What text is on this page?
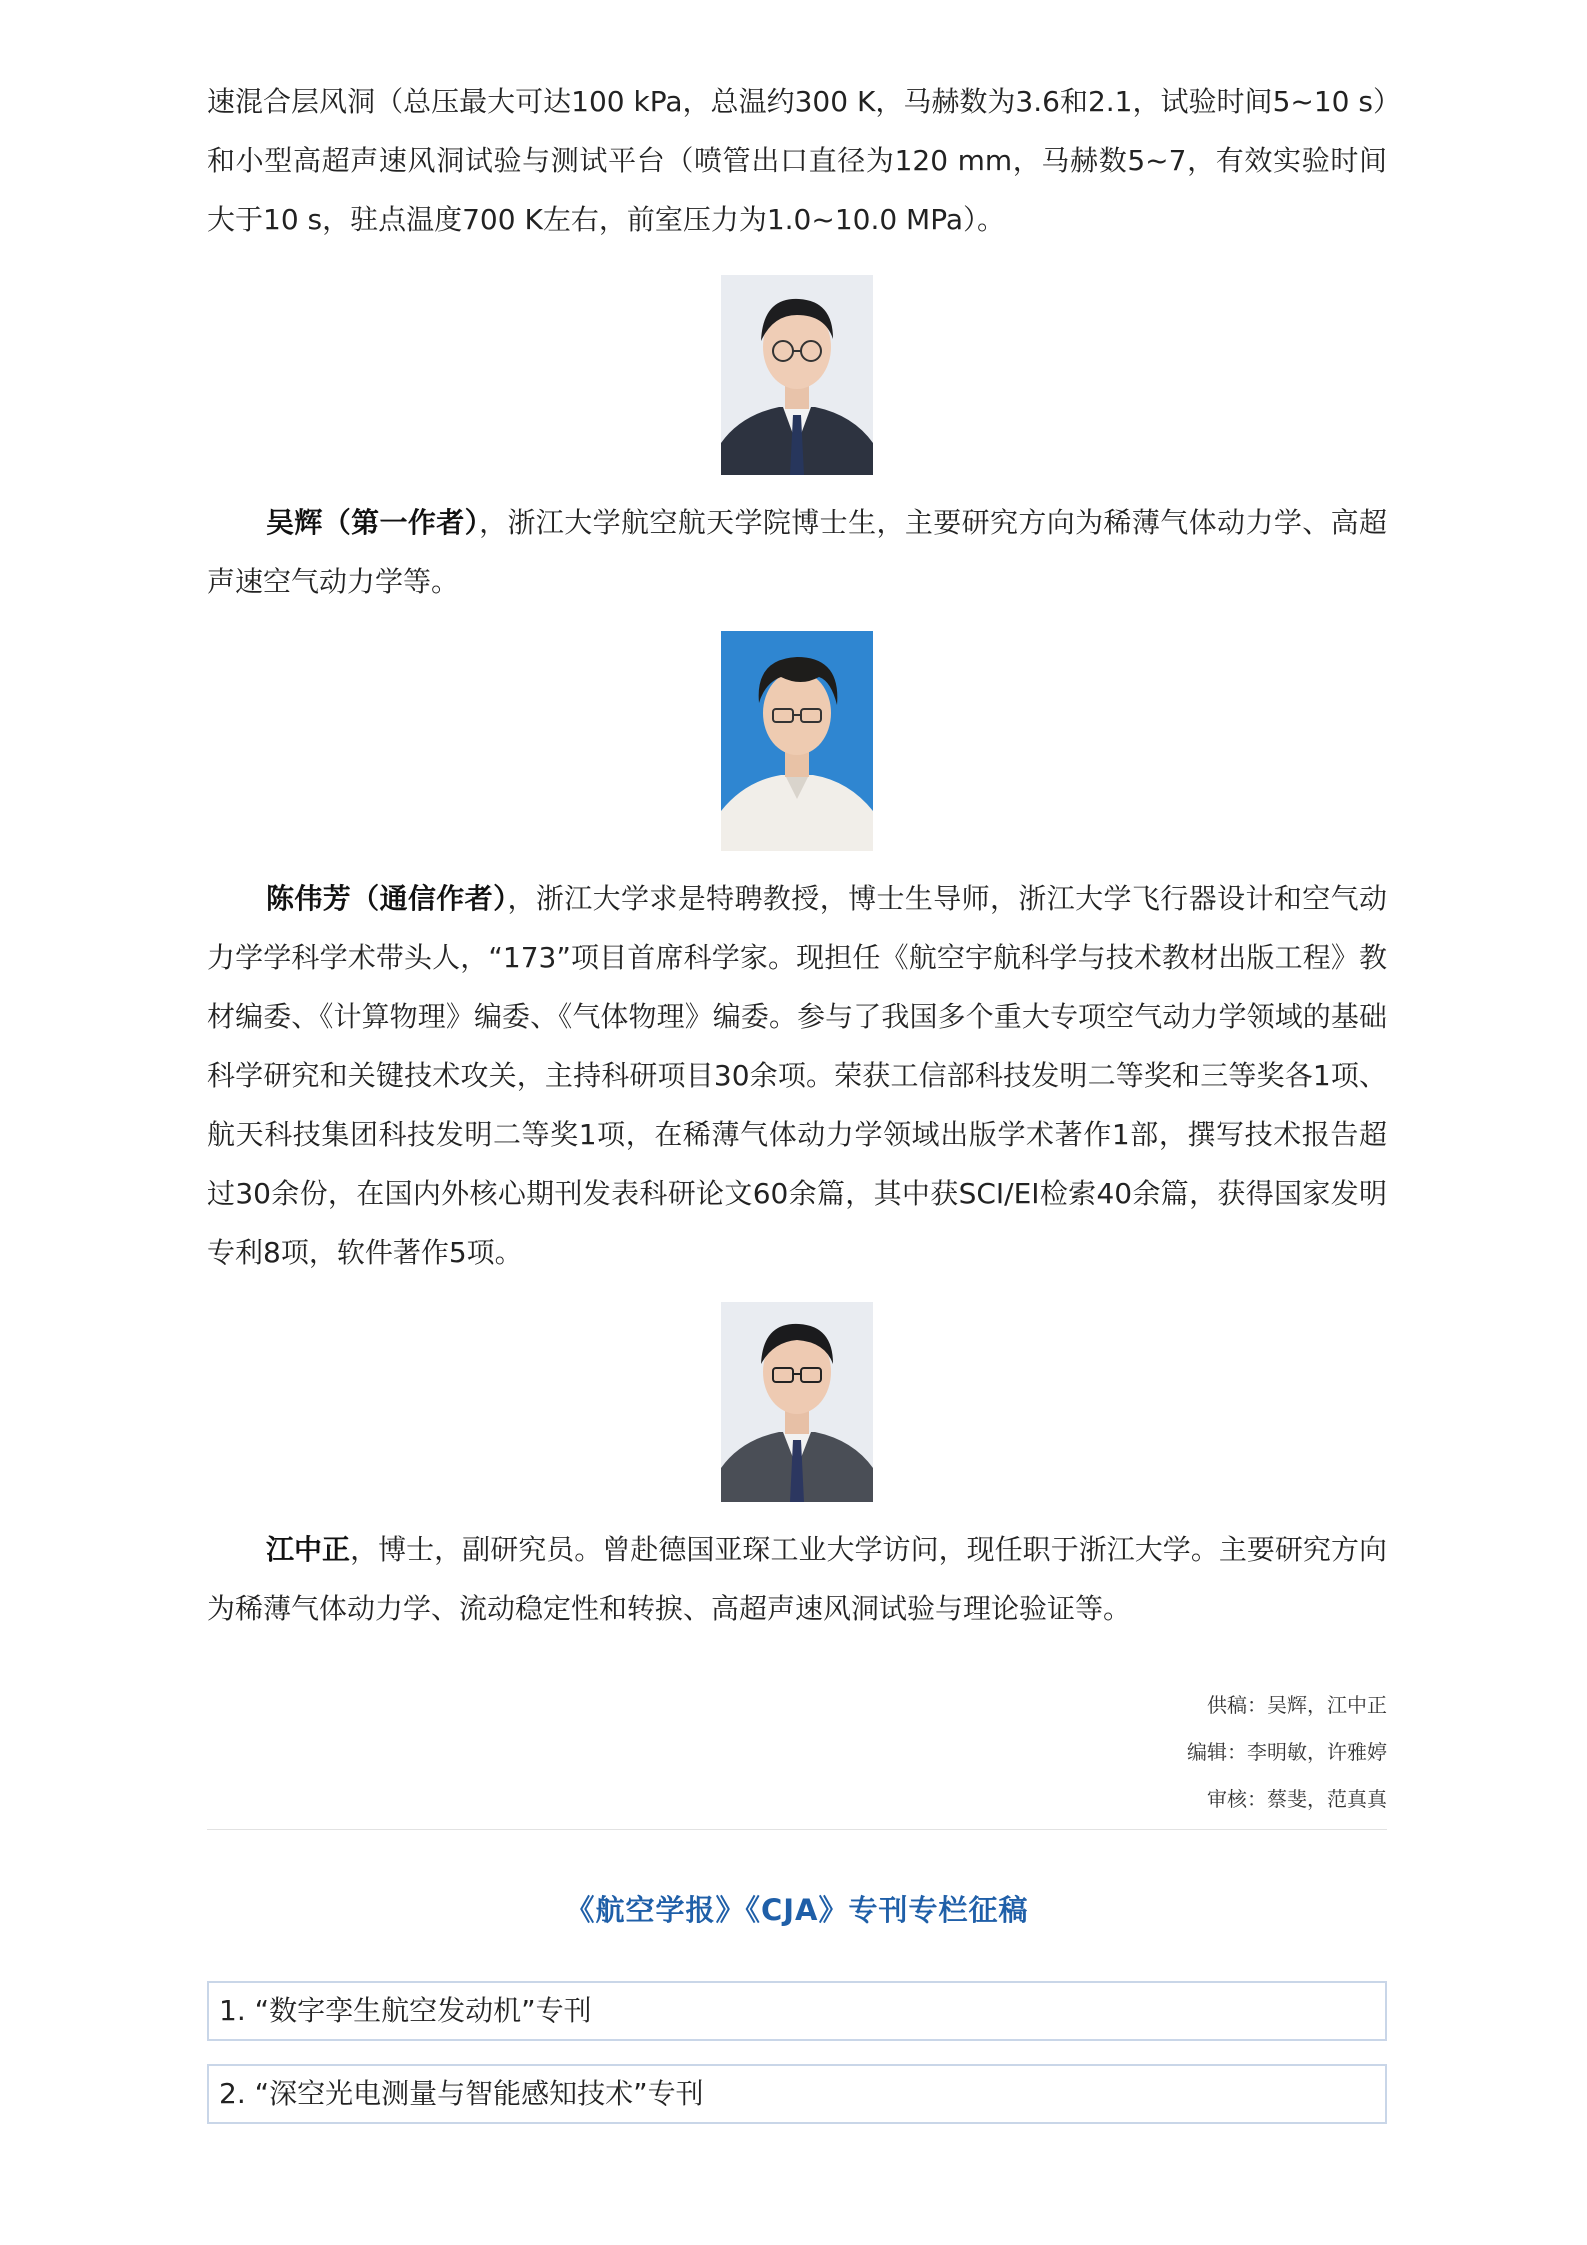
速混合层风洞（总压最大可达100 kPa，总温约300 K，马赫数为3.6和2.1，试验时间5~10 s）和小型高超声速风洞试验与测试平台（喷管出口直径为120 mm，马赫数5~7，有效实验时间大于10 s，驻点温度700 K左右，前室压力为1.0~10.0 MPa）。

吴辉（第一作者），浙江大学航空航天学院博士生，主要研究方向为稀薄气体动力学、高超声速空气动力学等。

陈伟芳（通信作者），浙江大学求是特聘教授，博士生导师，浙江大学飞行器设计和空气动力学学科学术带头人，“173”项目首席科学家。现担任《航空宇航科学与技术教材出版工程》教材编委、《计算物理》编委、《气体物理》编委。参与了我国多个重大专项空气动力学领域的基础科学研究和关键技术攻关，主持科研项目30余项。荣获工信部科技发明二等奖和三等奖各1项、航天科技集团科技发明二等奖1项，在稀薄气体动力学领域出版学术著作1部，撰写技术报告超过30余份，在国内外核心期刊发表科研论文60余篇，其中获SCI/EI检索40余篇，获得国家发明专利8项，软件著作5项。

江中正，博士，副研究员。曾赴德国亚琛工业大学访问，现任职于浙江大学。主要研究方向为稀薄气体动力学、流动稳定性和转捩、高超声速风洞试验与理论验证等。

供稿：吴辉，江中正
编辑：李明敏，许雅婷
审核：蔡斐，范真真
《航空学报》《CJA》专刊专栏征稿
1. “数字孪生航空发动机”专刊
2. “深空光电测量与智能感知技术”专刊
